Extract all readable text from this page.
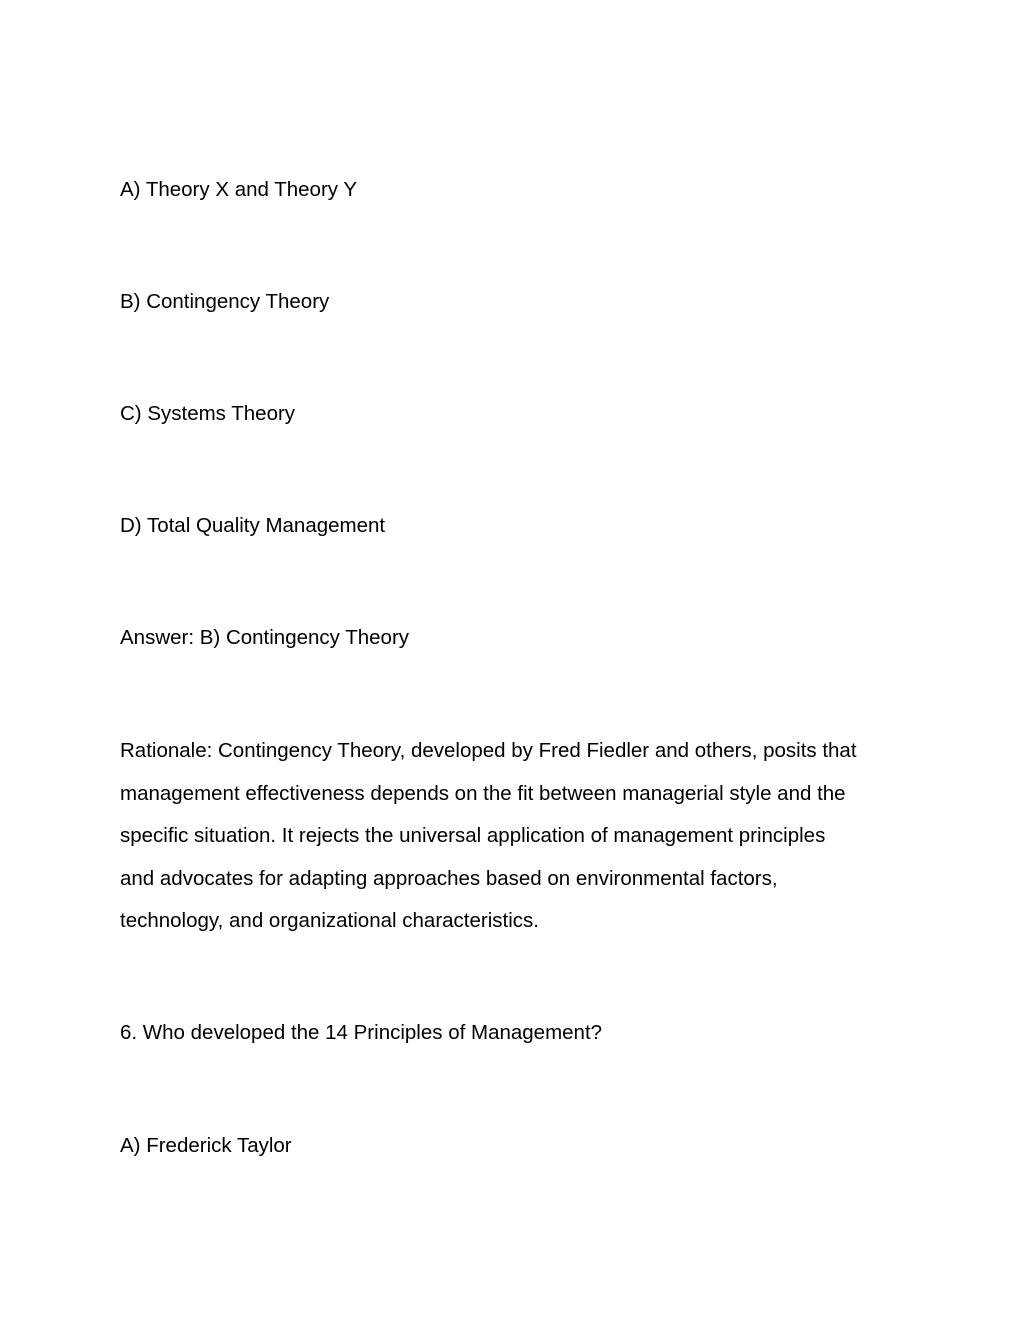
A) Theory X and Theory Y

B) Contingency Theory

C) Systems Theory

D) Total Quality Management

Answer: B) Contingency Theory

Rationale: Contingency Theory, developed by Fred Fiedler and others, posits that
management effectiveness depends on the fit between managerial style and the
specific situation. It rejects the universal application of management principles
and advocates for adapting approaches based on environmental factors,
technology, and organizational characteristics.

6. Who developed the 14 Principles of Management?

A) Frederick Taylor
